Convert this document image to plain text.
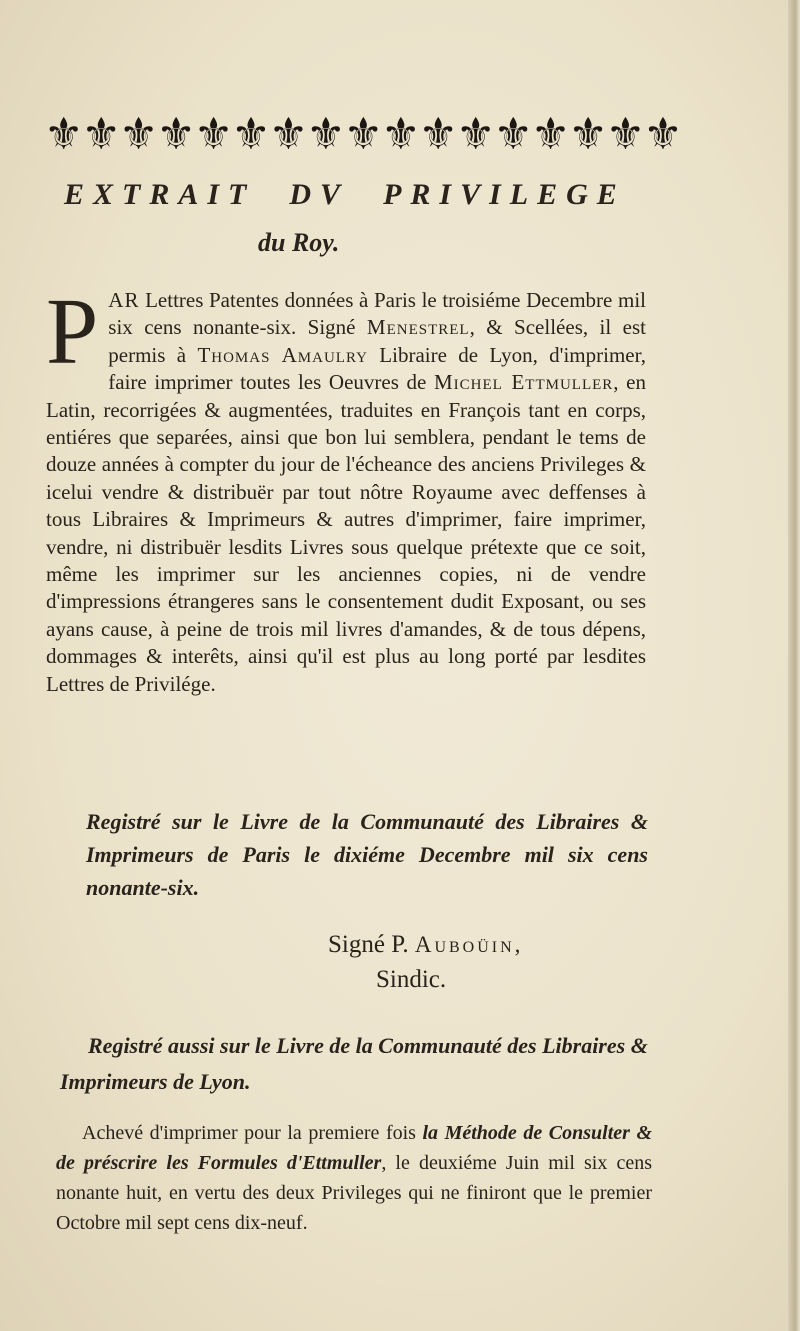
⚜ ⚜ ⚜ ⚜ ⚜ ⚜ ⚜ ⚜ ⚜ ⚜ ⚜ ⚜ ⚜ ⚜ ⚜ ⚜ ⚜
EXTRAIT DV PRIVILEGE
du Roy.
PAR Lettres Patentes données à Paris le troisiéme Decembre mil six cens nonante-six. Signé Menestrel, & Scellées, il est permis à Thomas Amaulry Libraire de Lyon, d'imprimer, faire imprimer toutes les Oeuvres de Michel Ettmuller, en Latin, recorrigées & augmentées, traduites en François tant en corps, entiéres que separées, ainsi que bon lui semblera, pendant le tems de douze années à compter du jour de l'écheance des anciens Privileges & icelui vendre & distribuër par tout nôtre Royaume avec deffenses à tous Libraires & Imprimeurs & autres d'imprimer, faire imprimer, vendre, ni distribuër lesdits Livres sous quelque prétexte que ce soit, même les imprimer sur les anciennes copies, ni de vendre d'impressions étrangeres sans le consentement dudit Exposant, ou ses ayans cause, à peine de trois mil livres d'amandes, & de tous dépens, dommages & interêts, ainsi qu'il est plus au long porté par lesdites Lettres de Privilége.
Registré sur le Livre de la Communauté des Libraires & Imprimeurs de Paris le dixiéme Decembre mil six cens nonante-six.
Signé P. Auboüin,
Sindic.
Registré aussi sur le Livre de la Communauté des Libraires & Imprimeurs de Lyon.
Achevé d'imprimer pour la premiere fois la Méthode de Consulter & de préscrire les Formules d'Ettmuller, le deuxiéme Juin mil six cens nonante huit, en vertu des deux Privileges qui ne finiront que le premier Octobre mil sept cens dix-neuf.
